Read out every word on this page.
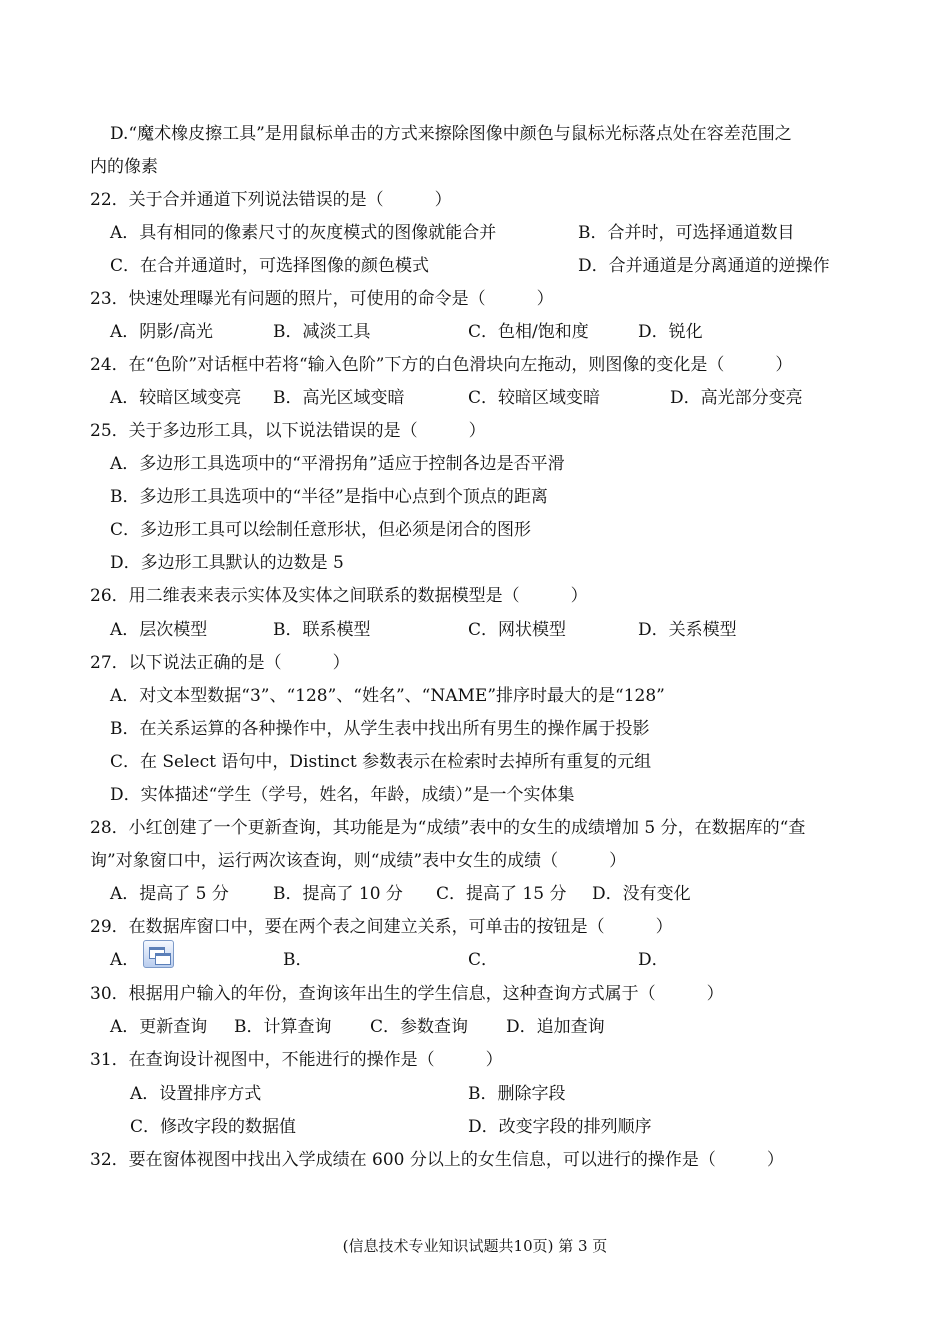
D.“魔术橡皮擦工具”是用鼠标单击的方式来擦除图像中颜色与鼠标光标落点处在容差范围之
内的像素
22．关于合并通道下列说法错误的是（　　　）
A．具有相同的像素尺寸的灰度模式的图像就能合并	B．合并时，可选择通道数目
C．在合并通道时，可选择图像的颜色模式	D．合并通道是分离通道的逆操作
23．快速处理曝光有问题的照片，可使用的命令是（　　　）
A．阴影/高光	B．减淡工具	C．色相/饱和度	D．锐化
24．在“色阶”对话框中若将“输入色阶”下方的白色滑块向左拖动，则图像的变化是（　　　）
A．较暗区域变亮 B．高光区域变暗	C．较暗区域变暗	D．高光部分变亮
25．关于多边形工具，以下说法错误的是（　　　）
A．多边形工具选项中的“平滑拐角”适应于控制各边是否平滑
B．多边形工具选项中的“半径”是指中心点到个顶点的距离
C．多边形工具可以绘制任意形状，但必须是闭合的图形
D．多边形工具默认的边数是 5
26．用二维表来表示实体及实体之间联系的数据模型是（　　　）
A．层次模型	B．联系模型	C．网状模型	D．关系模型
27．以下说法正确的是（　　　）
A．对文本型数据“3”、“128”、“姓名”、“NAME”排序时最大的是“128”
B．在关系运算的各种操作中，从学生表中找出所有男生的操作属于投影
C．在 Select 语句中，Distinct 参数表示在检索时去掉所有重复的元组
D．实体描述“学生（学号，姓名，年龄，成绩）”是一个实体集
28．小红创建了一个更新查询，其功能是为“成绩”表中的女生的成绩增加 5 分，在数据库的“查
询”对象窗口中，运行两次该查询，则“成绩”表中女生的成绩（　　　）
A．提高了 5 分	B．提高了 10 分 C．提高了 15 分 D．没有变化
29．在数据库窗口中，要在两个表之间建立关系，可单击的按钮是（　　　）
A．	B．	C．	D．
30．根据用户输入的年份，查询该年出生的学生信息，这种查询方式属于（　　　）
A．更新查询 B．计算查询 C．参数查询 D．追加查询
31．在查询设计视图中，不能进行的操作是（　　　）
A．设置排序方式	B．删除字段
C．修改字段的数据值	D．改变字段的排列顺序
32．要在窗体视图中找出入学成绩在 600 分以上的女生信息，可以进行的操作是（　　　）
(信息技术专业知识试题共10页) 第 3 页
